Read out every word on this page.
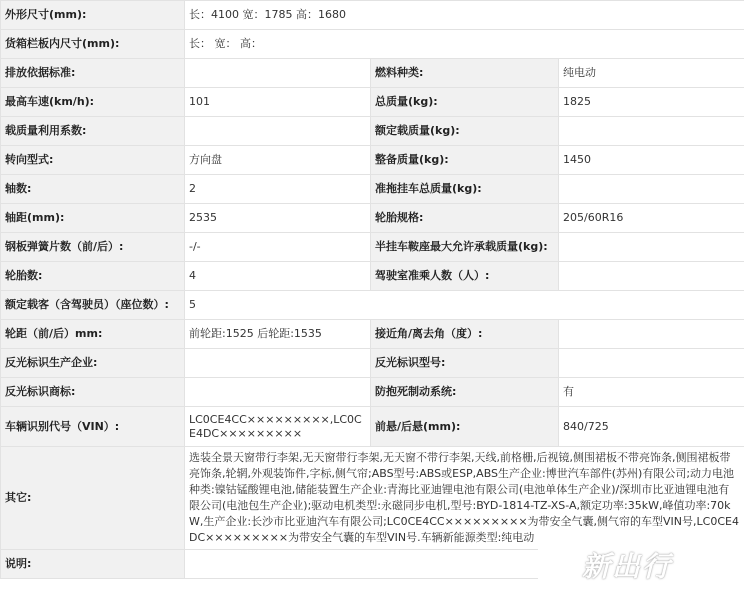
外形尺寸(mm):	长：4100 宽：1785 高：1680		
货箱栏板内尺寸(mm):	长： 宽： 高：		
排放依据标准:		燃料种类:	纯电动
最高车速(km/h):	101	总质量(kg):	1825
载质量利用系数:		额定载质量(kg):	
转向型式:	方向盘	整备质量(kg):	1450
轴数:	2	准拖挂车总质量(kg):	
轴距(mm):	2535	轮胎规格:	205/60R16
钢板弹簧片数（前/后）:	-/-	半挂车鞍座最大允许承载质量(kg):	
轮胎数:	4	驾驶室准乘人数（人）:	
额定载客（含驾驶员）（座位数）:	5		
轮距（前/后）mm:	前轮距:1525 后轮距:1535	接近角/离去角（度）:	
反光标识生产企业:		反光标识型号:	
反光标识商标:		防抱死制动系统:	有
车辆识别代号（VIN）:	LC0CE4CC×××××××××,LC0CE4DC×××××××××	前悬/后悬(mm):	840/725
其它:	选装全景天窗带行李架,无天窗带行李架,无天窗不带行李架,天线,前格栅,后视镜,侧围裙板不带亮饰条,侧围裙板带亮饰条,轮辋,外观装饰件,字标,侧气帘;ABS型号:ABS或ESP,ABS生产企业:博世汽车部件(苏州)有限公司;动力电池种类:镍钴锰酸锂电池,储能装置生产企业:青海比亚迪锂电池有限公司(电池单体生产企业)/深圳市比亚迪锂电池有限公司(电池包生产企业);驱动电机类型:永磁同步电机,型号:BYD-1814-TZ-XS-A,额定功率:35kW,峰值功率:70kW,生产企业:长沙市比亚迪汽车有限公司;LC0CE4CC×××××××××为带安全气囊,侧气帘的车型VIN号,LC0CE4DC×××××××××为带安全气囊的车型VIN号.车辆新能源类型:纯电动		
说明:				新出行
